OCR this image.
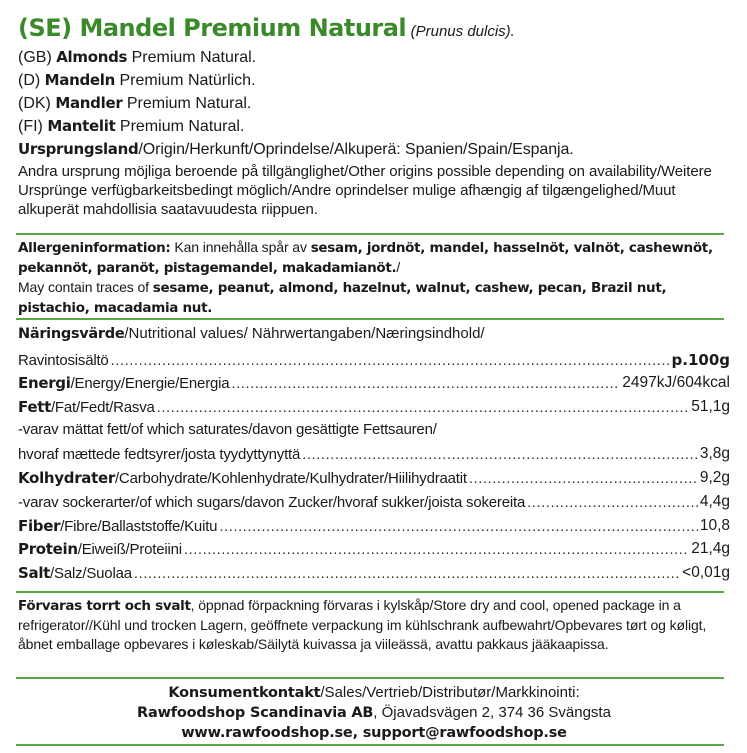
(SE) Mandel Premium Natural (Prunus dulcis).
(GB) Almonds Premium Natural.
(D) Mandeln Premium Natürlich.
(DK) Mandler Premium Natural.
(FI) Mantelit Premium Natural.
Ursprungsland/Origin/Herkunft/Oprindelse/Alkuperä: Spanien/Spain/Espanja.
Andra ursprung möjliga beroende på tillgänglighet/Other origins possible depending on availability/Weitere Ursprünge verfügbarkeitsbedingt möglich/Andre oprindelser mulige afhængig af tilgængelighed/Muut alkuperät mahdollisia saatavuudesta riippuen.
Allergeninformation: Kan innehålla spår av sesam, jordnöt, mandel, hasselnöt, valnöt, cashewnöt, pekannöt, paranöt, pistagemandel, makadamianöt./
May contain traces of sesame, peanut, almond, hazelnut, walnut, cashew, pecan, Brazil nut, pistachio, macadamia nut.
Näringsvärde/Nutritional values/ Nährwertangaben/Næringsindhold/
Ravintosisältö .....	p.100g
Energi/Energy/Energie/Energia .....	2497kJ/604kcal
Fett/Fat/Fedt/Rasva .....	51,1g
-varav mättat fett/of which saturates/davon gesättigte Fettsauren/
hvoraf mættede fedtsyrer/josta tyydyttynyttä .....	3,8g
Kolhydrater/Carbohydrate/Kohlenhydrate/Kulhydrater/Hiilihydraatit .....	9,2g
-varav sockerarter/of which sugars/davon Zucker/hvoraf sukker/joista sokereita .....	4,4g
Fiber/Fibre/Ballaststoffe/Kuitu .....	10,8
Protein/Eiweiß/Proteiini .....	21,4g
Salt/Salz/Suolaa .....	<0,01g
Förvaras torrt och svalt, öppnad förpackning förvaras i kylskåp/Store dry and cool, opened package in a refrigerator//Kühl und trocken Lagern, geöffnete verpackung im kühlschrank aufbewahrt/Opbevares tørt og køligt, åbnet emballage opbevares i køleskab/Säilytä kuivassa ja viileässä, avattu pakkaus jääkaapissa.
Konsumentkontakt/Sales/Vertrieb/Distributør/Markkinointi:
Rawfoodshop Scandinavia AB, Öjavadsvägen 2, 374 36 Svängsta
www.rawfoodshop.se, support@rawfoodshop.se
